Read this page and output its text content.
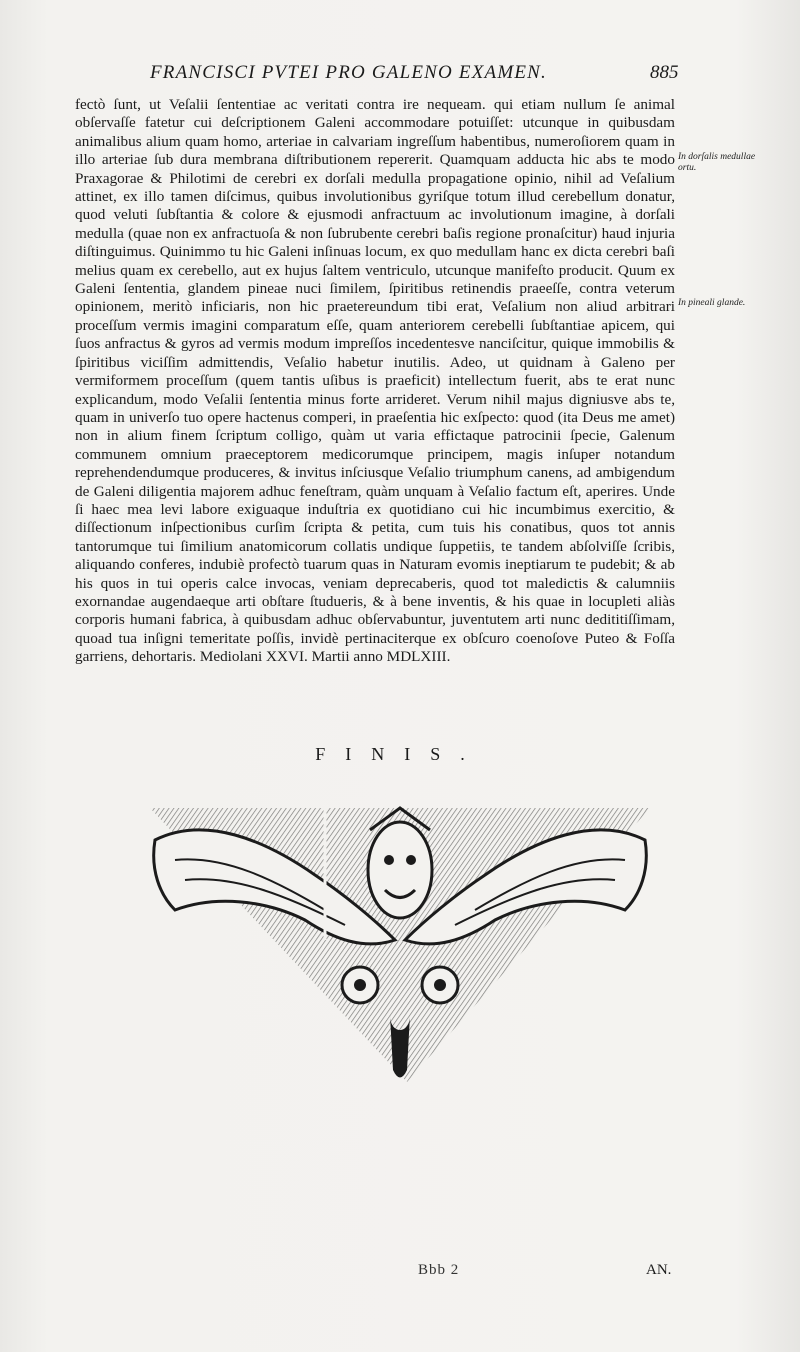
FRANCISCI PVTEI PRO GALENO EXAMEN.	885

fectò ſunt, ut Veſalii ſententiae ac veritati contra ire nequeam. qui etiam nullum ſe animal obſervaſſe fatetur cui deſcriptionem Galeni accommodare potuiſſet: utcunque in quibusdam animalibus alium quam homo, arteriae in calvariam ingreſſum habentibus, numeroſiorem quam in illo arteriae ſub dura membrana diſtributionem repererit. Quamquam adducta hic abs te modo Praxagorae & Philotimi de cerebri ex dorſali medulla propagatione opinio, nihil ad Veſalium attinet, ex illo tamen diſcimus, quibus involutionibus gyriſque totum illud cerebellum donatur, quod veluti ſubſtantia & colore & ejusmodi anfractuum ac involutionum imagine, à dorſali medulla (quae non ex anfractuoſa & non ſubrubente cerebri baſis regione pronaſcitur) haud injuria diſtinguimus. Quinimmo tu hic Galeni inſinuas locum, ex quo medullam hanc ex dicta cerebri baſi melius quam ex cerebello, aut ex hujus ſaltem ventriculo, utcunque manifeſto producit. Quum ex Galeni ſententia, glandem pineae nuci ſimilem, ſpiritibus retinendis praeeſſe, contra veterum opinionem, meritò inficiaris, non hic praetereundum tibi erat, Veſalium non aliud arbitrari proceſſum vermis imagini comparatum eſſe, quam anteriorem cerebelli ſubſtantiae apicem, qui ſuos anfractus & gyros ad vermis modum impreſſos incedentesve nanciſcitur, quique immobilis & ſpiritibus viciſſim admittendis, Veſalio habetur inutilis. Adeo, ut quidnam à Galeno per vermiformem proceſſum (quem tantis uſibus is praeficit) intellectum fuerit, abs te erat nunc explicandum, modo Veſalii ſententia minus forte arrideret. Verum nihil majus digniusve abs te, quam in univerſo tuo opere hactenus comperi, in praeſentia hic exſpecto: quod (ita Deus me amet) non in alium finem ſcriptum colligo, quàm ut varia effictaque patrocinii ſpecie, Galenum communem omnium praeceptorem medicorumque principem, magis inſuper notandum reprehendendumque produceres, & invitus inſciusque Veſalio triumphum canens, ad ambigendum de Galeni diligentia majorem adhuc feneſtram, quàm unquam à Veſalio factum eſt, aperires. Unde ſi haec mea levi labore exiguaque induſtria ex quotidiano cui hic incumbimus exercitio, & diſſectionum inſpectionibus curſim ſcripta & petita, cum tuis his conatibus, quos tot annis tantorumque tui ſimilium anatomicorum collatis undique ſuppetiis, te tandem abſolviſſe ſcribis, aliquando conferes, indubiè profectò tuarum quas in Naturam evomis ineptiarum te pudebit; & ab his quos in tui operis calce invocas, veniam deprecaberis, quod tot maledictis & calumniis exornandae augendaeque arti obſtare ſtudueris, & à bene inventis, & his quae in locupleti aliàs corporis humani fabrica, à quibusdam adhuc obſervabuntur, juventutem arti nunc dedititiſſimam, quoad tua inſigni temeritate poſſis, invidè pertinaciterque ex obſcuro coenoſove Puteo & Foſſa garriens, dehortaris. Mediolani XXVI. Martii anno MDLXIII.

In dorſalis medullae ortu.
In pineali glande.
FINIS.
Bbb 2	AN.
